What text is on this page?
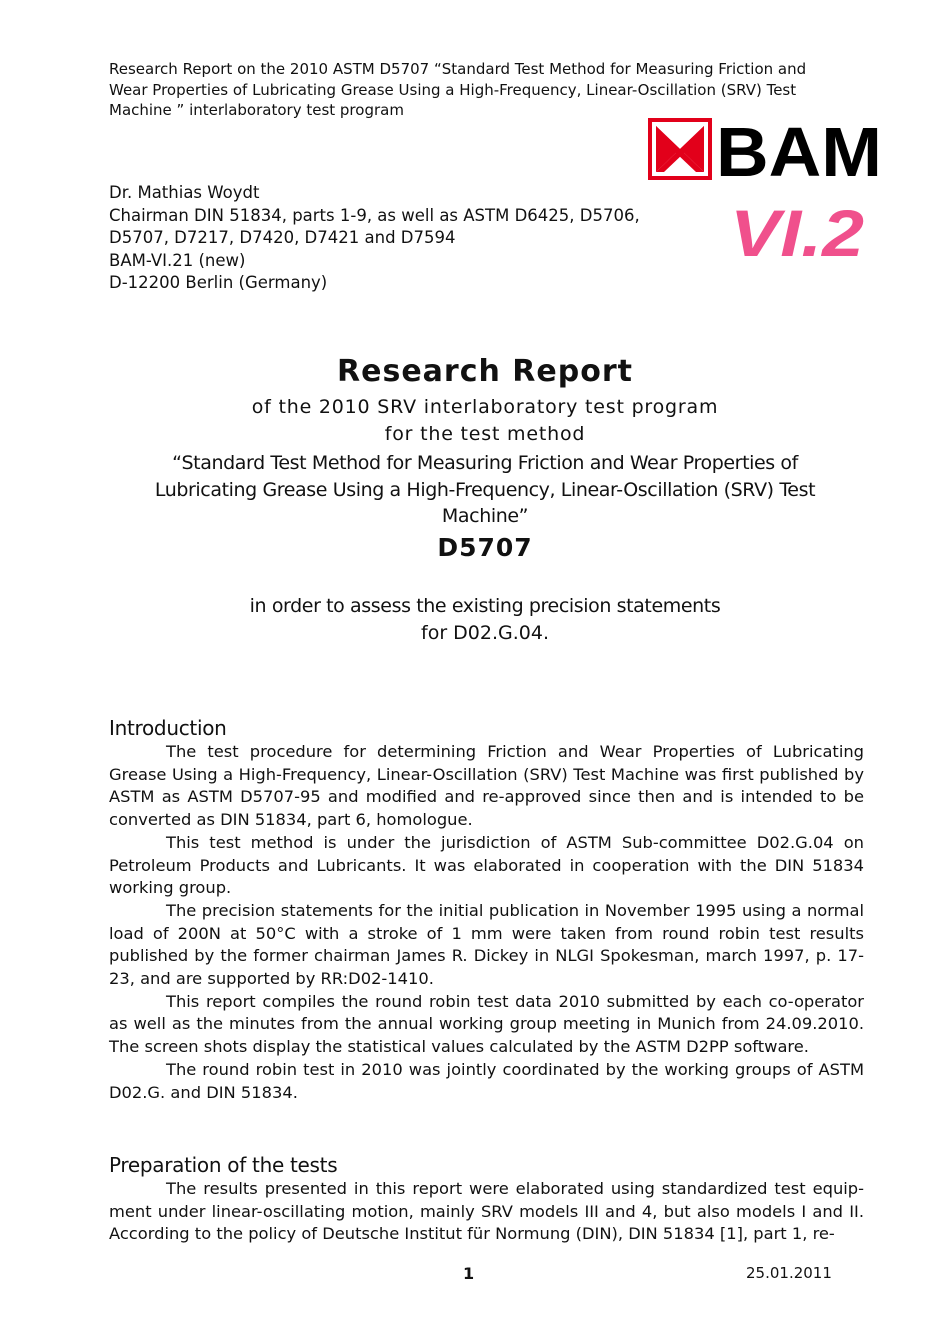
Research Report on the 2010 ASTM D5707 “Standard Test Method for Measuring Friction and Wear Properties of Lubricating Grease Using a High-Frequency, Linear-Oscillation (SRV) Test Machine ” interlaboratory test program
BAM
VI.2
Dr. Mathias Woydt
Chairman DIN 51834, parts 1-9, as well as ASTM D6425, D5706,
D5707, D7217, D7420, D7421 and D7594
BAM-VI.21 (new)
D-12200 Berlin (Germany)
Research Report
of the 2010 SRV interlaboratory test program
for the test method
“Standard Test Method for Measuring Friction and Wear Properties of
Lubricating Grease Using a High-Frequency, Linear-Oscillation (SRV) Test
Machine”
D5707
in order to assess the existing precision statements
for D02.G.04.
Introduction

The test procedure for determining Friction and Wear Properties of Lubricating Grease Using a High-Frequency, Linear-Oscillation (SRV) Test Machine was first published by ASTM as ASTM D5707-95 and modified and re-approved since then and is intended to be converted as DIN 51834, part 6, homologue.

This test method is under the jurisdiction of ASTM Sub-committee D02.G.04 on Petroleum Products and Lubricants. It was elaborated in cooperation with the DIN 51834 working group.

The precision statements for the initial publication in November 1995 using a normal load of 200N at 50°C with a stroke of 1 mm were taken from round robin test results published by the former chairman James R. Dickey in NLGI Spokesman, march 1997, p. 17-23, and are supported by RR:D02-1410.

This report compiles the round robin test data 2010 submitted by each co-operator as well as the minutes from the annual working group meeting in Munich from 24.09.2010. The screen shots display the statistical values calculated by the ASTM D2PP software.

The round robin test in 2010 was jointly coordinated by the working groups of ASTM D02.G. and DIN 51834.

Preparation of the tests

The results presented in this report were elaborated using standardized test equip-ment under linear-oscillating motion, mainly SRV models III and 4, but also models I and II. According to the policy of Deutsche Institut für Normung (DIN), DIN 51834 [1], part 1, re-

1	25.01.2011
